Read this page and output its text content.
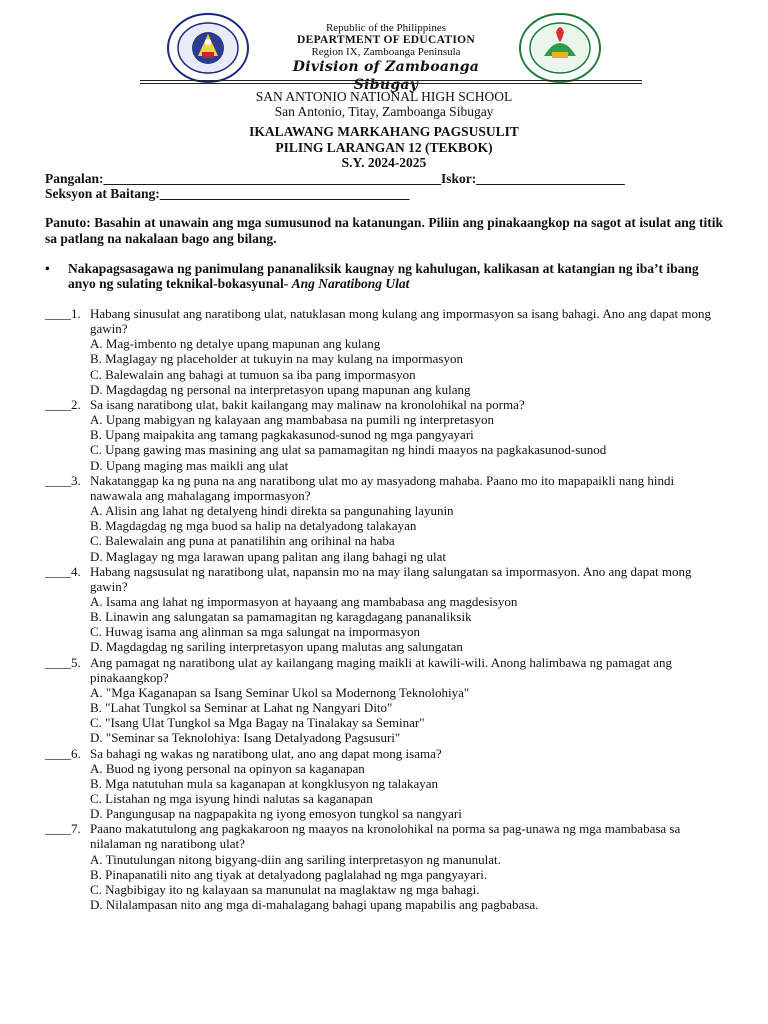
Republic of the Philippines
DEPARTMENT OF EDUCATION
Region IX, Zamboanga Peninsula
Division of Zamboanga Sibugay
SAN ANTONIO NATIONAL HIGH SCHOOL
San Antonio, Titay, Zamboanga Sibugay
IKALAWANG MARKAHANG PAGSUSULIT
PILING LARANGAN 12 (TEKBOK)
S.Y. 2024-2025
Pangalan:__________________________________________________Iskor:______________________
Seksyon at Baitang:_____________________________________
Panuto: Basahin at unawain ang mga sumusunod na katanungan. Piliin ang pinakaangkop na sagot at isulat ang titik sa patlang na nakalaan bago ang bilang.
• Nakapagsasagawa ng panimulang pananaliksik kaugnay ng kahulugan, kalikasan at katangian ng iba’t ibang anyo ng sulating teknikal-bokasyunal- Ang Naratibong Ulat
____1. Habang sinusulat ang naratibong ulat, natuklasan mong kulang ang impormasyon sa isang bahagi. Ano ang dapat mong gawin?
A. Mag-imbento ng detalye upang mapunan ang kulang
B. Maglagay ng placeholder at tukuyin na may kulang na impormasyon
C. Balewalain ang bahagi at tumuon sa iba pang impormasyon
D. Magdagdag ng personal na interpretasyon upang mapunan ang kulang
____2. Sa isang naratibong ulat, bakit kailangang may malinaw na kronolohikal na porma?
A. Upang mabigyan ng kalayaan ang mambabasa na pumili ng interpretasyon
B. Upang maipakita ang tamang pagkakasunod-sunod ng mga pangyayari
C. Upang gawing mas masining ang ulat sa pamamagitan ng hindi maayos na pagkakasunod-sunod
D. Upang maging mas maikli ang ulat
____3. Nakatanggap ka ng puna na ang naratibong ulat mo ay masyadong mahaba. Paano mo ito mapapaikli nang hindi nawawala ang mahalagang impormasyon?
A. Alisin ang lahat ng detalyeng hindi direkta sa pangunahing layunin
B. Magdagdag ng mga buod sa halip na detalyadong talakayan
C. Balewalain ang puna at panatilihin ang orihinal na haba
D. Maglagay ng mga larawan upang palitan ang ilang bahagi ng ulat
____4. Habang nagsusulat ng naratibong ulat, napansin mo na may ilang salungatan sa impormasyon. Ano ang dapat mong gawin?
A. Isama ang lahat ng impormasyon at hayaang ang mambabasa ang magdesisyon
B. Linawin ang salungatan sa pamamagitan ng karagdagang pananaliksik
C. Huwag isama ang alinman sa mga salungat na impormasyon
D. Magdagdag ng sariling interpretasyon upang malutas ang salungatan
____5. Ang pamagat ng naratibong ulat ay kailangang maging maikli at kawili-wili. Anong halimbawa ng pamagat ang pinakaangkop?
A. "Mga Kaganapan sa Isang Seminar Ukol sa Modernong Teknolohiya"
B. "Lahat Tungkol sa Seminar at Lahat ng Nangyari Dito"
C. "Isang Ulat Tungkol sa Mga Bagay na Tinalakay sa Seminar"
D. "Seminar sa Teknolohiya: Isang Detalyadong Pagsusuri"
____6. Sa bahagi ng wakas ng naratibong ulat, ano ang dapat mong isama?
A. Buod ng iyong personal na opinyon sa kaganapan
B. Mga natutuhan mula sa kaganapan at kongklusyon ng talakayan
C. Listahan ng mga isyung hindi nalutas sa kaganapan
D. Pangungusap na nagpapakita ng iyong emosyon tungkol sa nangyari
____7. Paano makatutulong ang pagkakaroon ng maayos na kronolohikal na porma sa pag-unawa ng mga mambabasa sa nilalaman ng naratibong ulat?
A. Tinutulungan nitong bigyang-diin ang sariling interpretasyon ng manunulat.
B. Pinapanatili nito ang tiyak at detalyadong paglalahad ng mga pangyayari.
C. Nagbibigay ito ng kalayaan sa manunulat na maglaktaw ng mga bahagi.
D. Nilalampasan nito ang mga di-mahalagang bahagi upang mapabilis ang pagbabasa.
